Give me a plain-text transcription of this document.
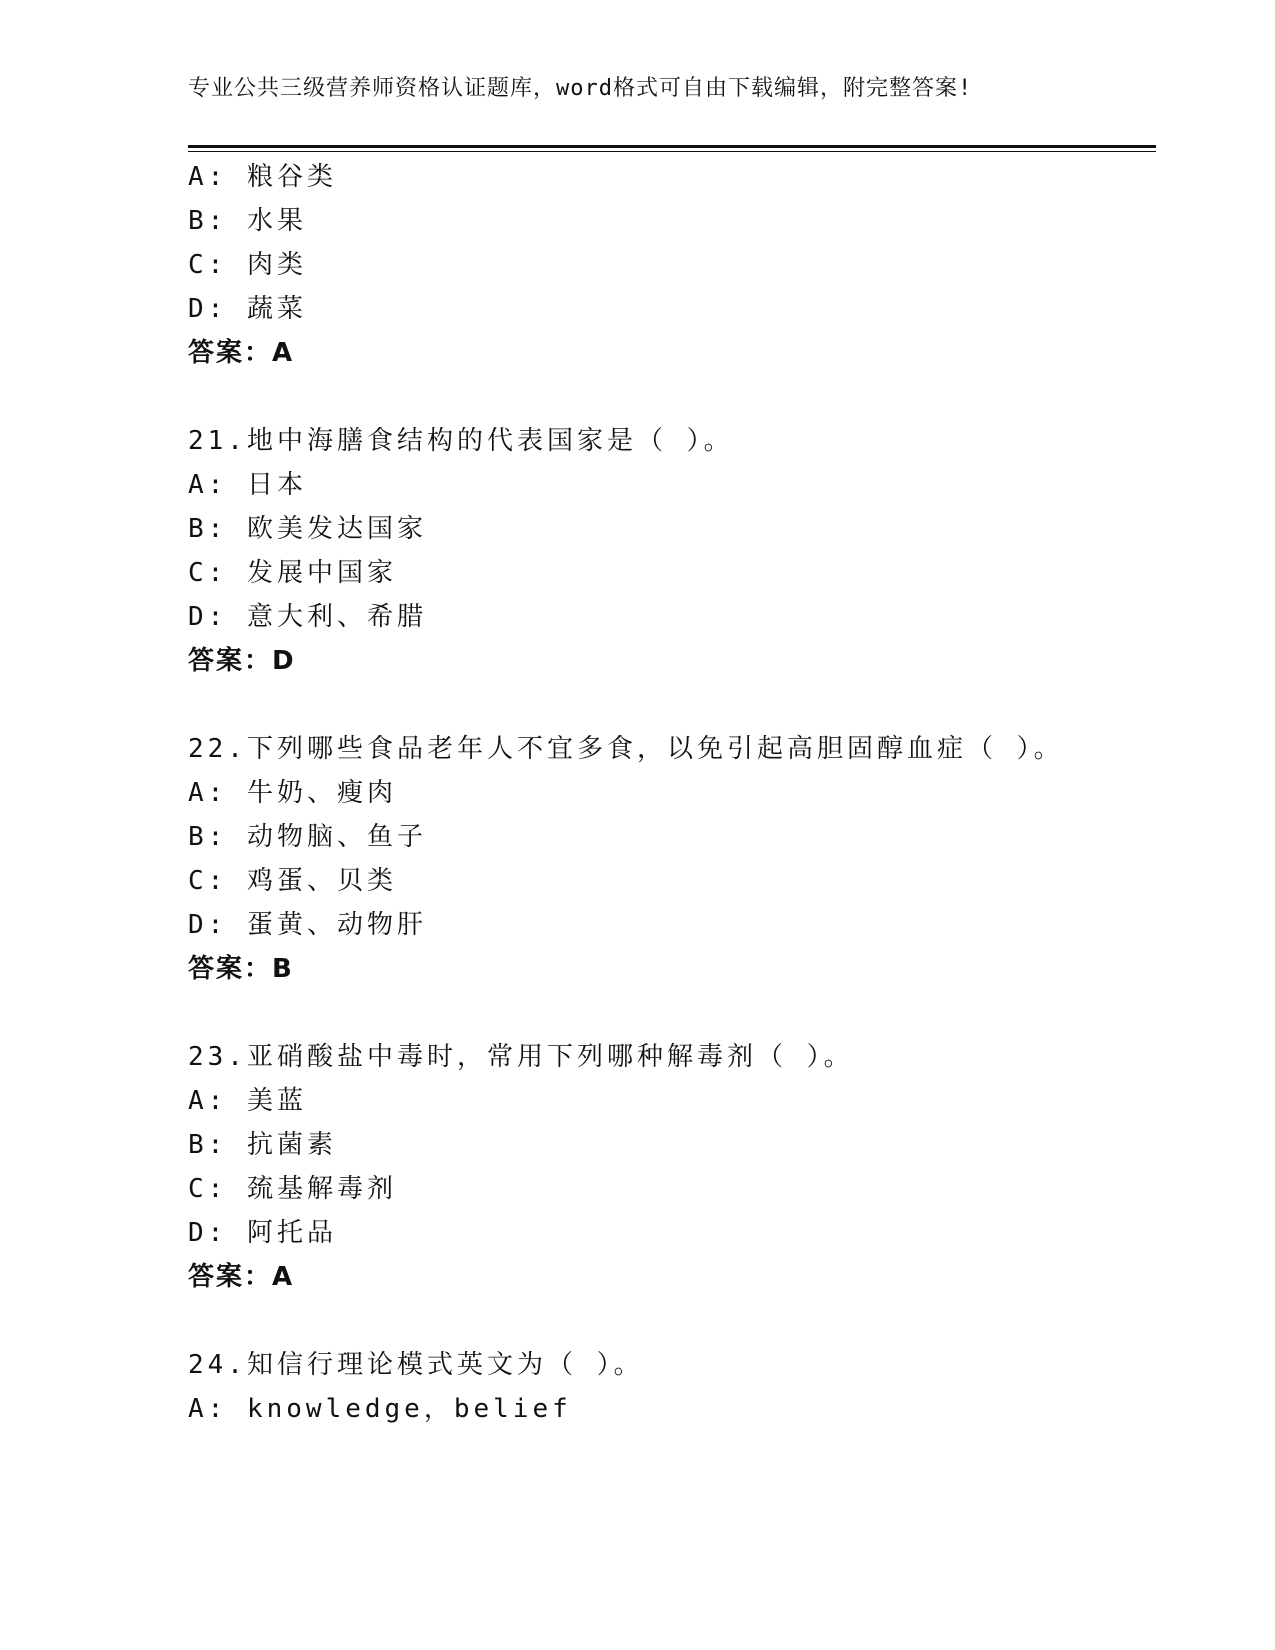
专业公共三级营养师资格认证题库，word格式可自由下载编辑，附完整答案!
A: 粮谷类
B: 水果
C: 肉类
D: 蔬菜
答案：A
21.地中海膳食结构的代表国家是（ ）。
A: 日本
B: 欧美发达国家
C: 发展中国家
D: 意大利、希腊
答案：D
22.下列哪些食品老年人不宜多食，以免引起高胆固醇血症（ ）。
A: 牛奶、瘦肉
B: 动物脑、鱼子
C: 鸡蛋、贝类
D: 蛋黄、动物肝
答案：B
23.亚硝酸盐中毒时，常用下列哪种解毒剂（ ）。
A: 美蓝
B: 抗菌素
C: 巯基解毒剂
D: 阿托品
答案：A
24.知信行理论模式英文为（ ）。
A: knowledge，belief
